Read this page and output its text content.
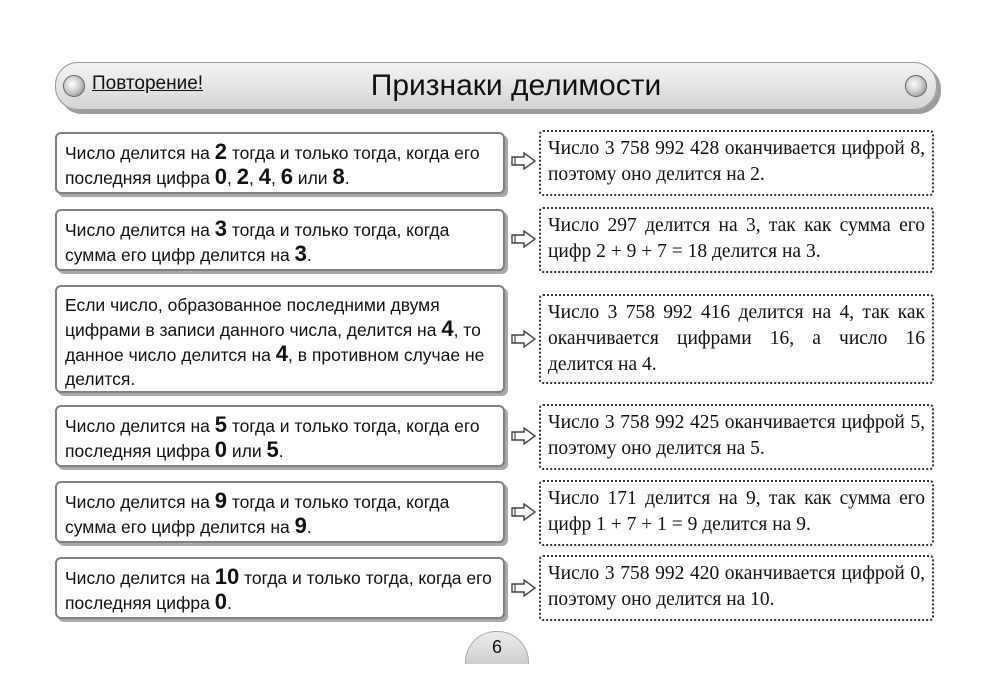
Повторение!	Признаки делимости
Число делится на 2 тогда и только тогда, когда его последняя цифра 0, 2, 4, 6 или 8.
Число 3 758 992 428 оканчивается цифрой 8, поэтому оно делится на 2.
Число делится на 3 тогда и только тогда, когда сумма его цифр делится на 3.
Число 297 делится на 3, так как сумма его цифр 2 + 9 + 7 = 18 делится на 3.
Если число, образованное последними двумя цифрами в записи данного числа, делится на 4, то данное число делится на 4, в противном случае не делится.
Число 3 758 992 416 делится на 4, так как оканчивается цифрами 16, а число 16 делится на 4.
Число делится на 5 тогда и только тогда, когда его последняя цифра 0 или 5.
Число 3 758 992 425 оканчивается цифрой 5, поэтому оно делится на 5.
Число делится на 9 тогда и только тогда, когда сумма его цифр делится на 9.
Число 171 делится на 9, так как сумма его цифр 1 + 7 + 1 = 9 делится на 9.
Число делится на 10 тогда и только тогда, когда его последняя цифра 0.
Число 3 758 992 420 оканчивается цифрой 0, поэтому оно делится на 10.
6
